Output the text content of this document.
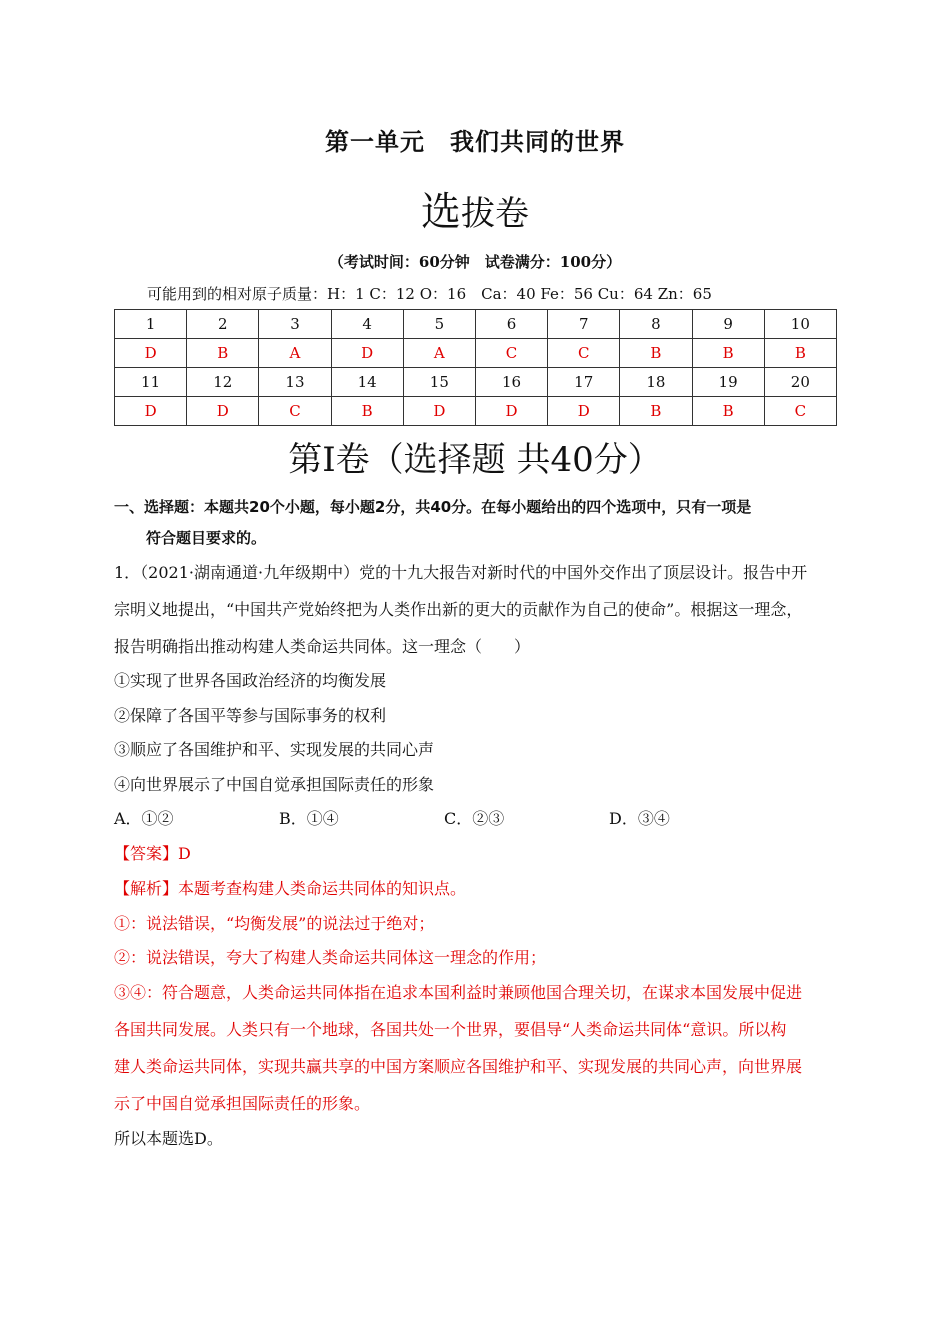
第一单元　我们共同的世界
选拔卷
（考试时间：60分钟　试卷满分：100分）
可能用到的相对原子质量：H：1 C：12 O：16　Ca：40 Fe：56 Cu：64 Zn：65
1	2	3	4	5	6	7	8	9	10
D	B	A	D	A	C	C	B	B	B
11	12	13	14	15	16	17	18	19	20
D	D	C	B	D	D	D	B	B	C
第Ⅰ卷（选择题 共40分）
一、选择题：本题共20个小题，每小题2分，共40分。在每小题给出的四个选项中，只有一项是
符合题目要求的。
1．（2021·湖南通道·九年级期中）党的十九大报告对新时代的中国外交作出了顶层设计。报告中开
宗明义地提出，“中国共产党始终把为人类作出新的更大的贡献作为自己的使命”。根据这一理念，
报告明确指出推动构建人类命运共同体。这一理念（　　）
①实现了世界各国政治经济的均衡发展
②保障了各国平等参与国际事务的权利
③顺应了各国维护和平、实现发展的共同心声
④向世界展示了中国自觉承担国际责任的形象
A．①②	B．①④	C．②③	D．③④
【答案】D
【解析】本题考查构建人类命运共同体的知识点。
①：说法错误，“均衡发展”的说法过于绝对；
②：说法错误，夸大了构建人类命运共同体这一理念的作用；
③④：符合题意，人类命运共同体指在追求本国利益时兼顾他国合理关切，在谋求本国发展中促进
各国共同发展。人类只有一个地球，各国共处一个世界，要倡导“人类命运共同体“意识。所以构
建人类命运共同体，实现共赢共享的中国方案顺应各国维护和平、实现发展的共同心声，向世界展
示了中国自觉承担国际责任的形象。
所以本题选D。
